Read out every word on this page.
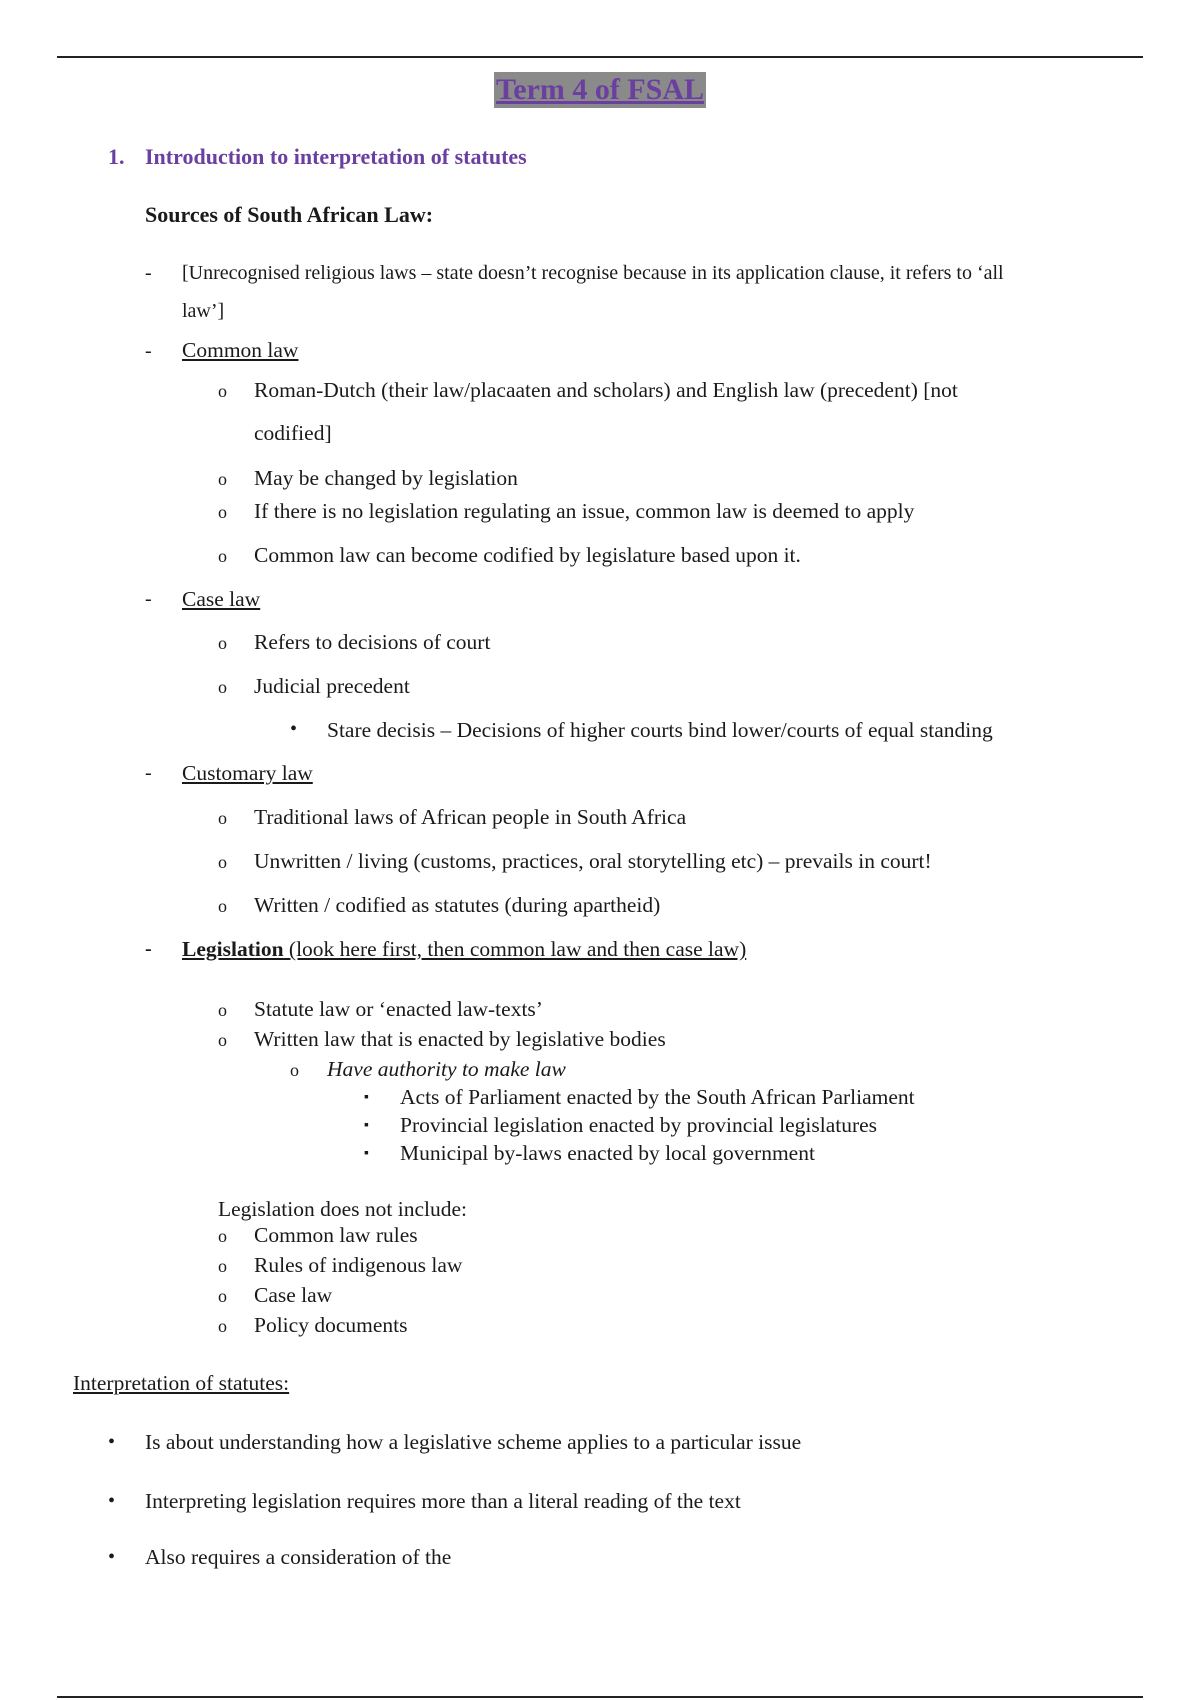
Term 4 of FSAL
1. Introduction to interpretation of statutes
Sources of South African Law:
- [Unrecognised religious laws – state doesn’t recognise because in its application clause, it refers to ‘all
law’]
- Common law
o Roman-Dutch (their law/placaaten and scholars) and English law (precedent) [not
codified]
o May be changed by legislation
o If there is no legislation regulating an issue, common law is deemed to apply
o Common law can become codified by legislature based upon it.
- Case law
o Refers to decisions of court
o Judicial precedent
• Stare decisis – Decisions of higher courts bind lower/courts of equal standing
- Customary law
o Traditional laws of African people in South Africa
o Unwritten / living (customs, practices, oral storytelling etc) – prevails in court!
o Written / codified as statutes (during apartheid)
- Legislation (look here first, then common law and then case law)
o Statute law or ‘enacted law-texts’
o Written law that is enacted by legislative bodies
o Have authority to make law
▪ Acts of Parliament enacted by the South African Parliament
▪ Provincial legislation enacted by provincial legislatures
▪ Municipal by-laws enacted by local government
Legislation does not include:
o Common law rules
o Rules of indigenous law
o Case law
o Policy documents
Interpretation of statutes:
• Is about understanding how a legislative scheme applies to a particular issue
• Interpreting legislation requires more than a literal reading of the text
• Also requires a consideration of the
